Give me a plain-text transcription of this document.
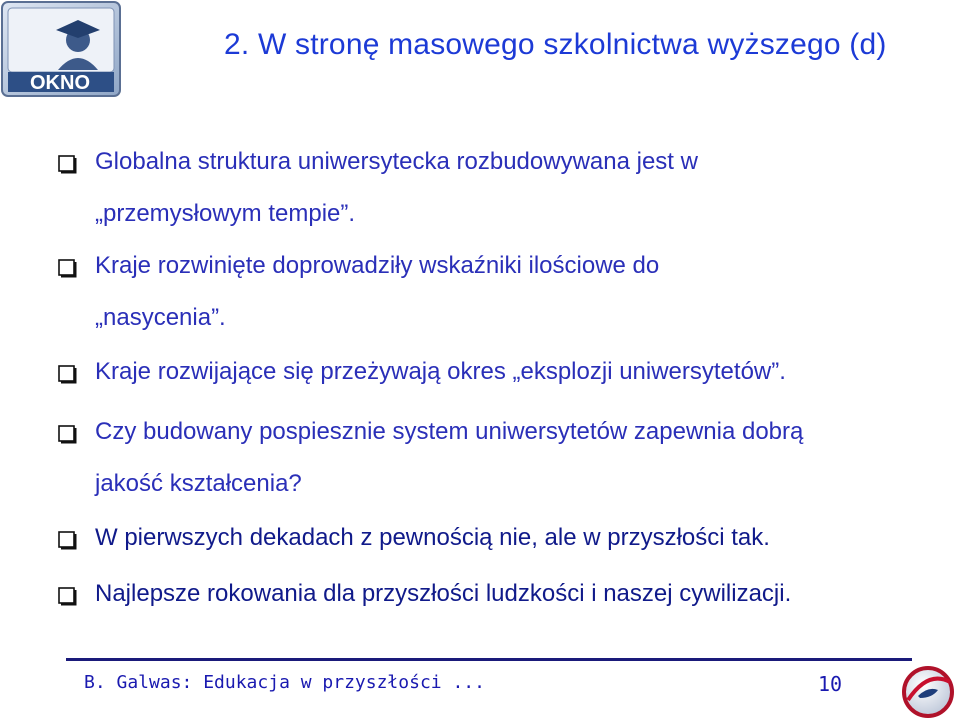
OKNO
2. W stronę masowego szkolnictwa wyższego (d)
Globalna struktura uniwersytecka rozbudowywana jest w
„przemysłowym tempie”.
Kraje rozwinięte doprowadziły wskaźniki ilościowe do
„nasycenia”.
Kraje rozwijające się przeżywają okres „eksplozji uniwersytetów”.
Czy budowany pospiesznie system uniwersytetów zapewnia dobrą
jakość kształcenia?
W pierwszych dekadach z pewnością nie, ale w przyszłości tak.
Najlepsze rokowania dla przyszłości ludzkości i naszej cywilizacji.
B. Galwas: Edukacja w przyszłości ...	10
